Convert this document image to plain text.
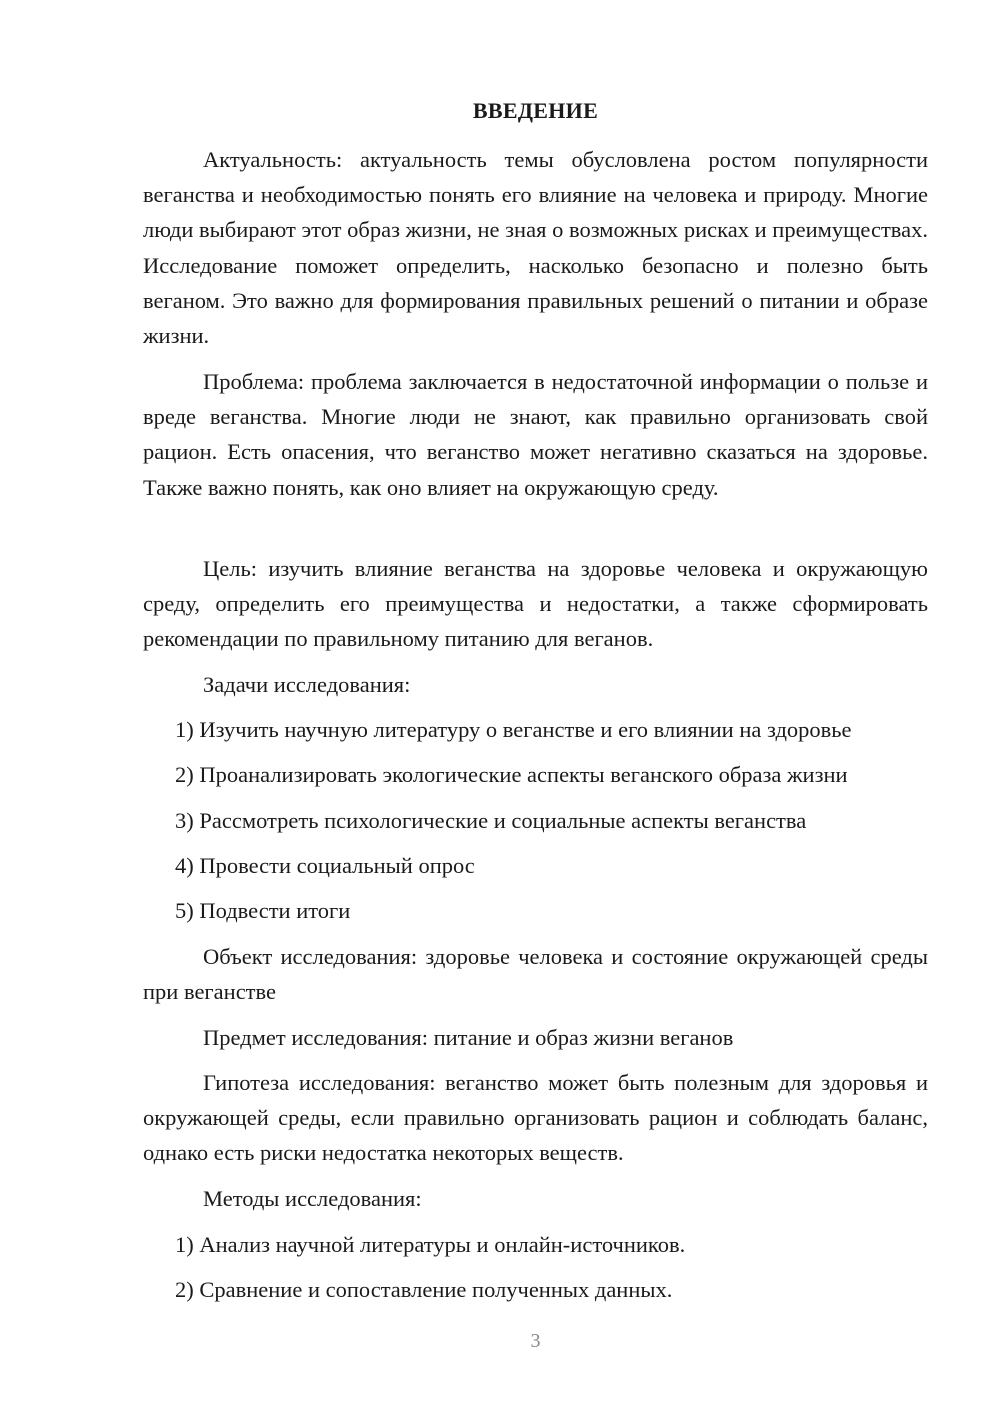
ВВЕДЕНИЕ

Актуальность: актуальность темы обусловлена ростом популярности веганства и необходимостью понять его влияние на человека и природу. Многие люди выбирают этот образ жизни, не зная о возможных рисках и преимуществах. Исследование поможет определить, насколько безопасно и полезно быть веганом. Это важно для формирования правильных решений о питании и образе жизни.

Проблема: проблема заключается в недостаточной информации о пользе и вреде веганства. Многие люди не знают, как правильно организовать свой рацион. Есть опасения, что веганство может негативно сказаться на здоровье. Также важно понять, как оно влияет на окружающую среду.

Цель: изучить влияние веганства на здоровье человека и окружающую среду, определить его преимущества и недостатки, а также сформировать рекомендации по правильному питанию для веганов.

Задачи исследования:

1) Изучить научную литературу о веганстве и его влиянии на здоровье

2) Проанализировать экологические аспекты веганского образа жизни

3) Рассмотреть психологические и социальные аспекты веганства

4) Провести социальный опрос

5) Подвести итоги

Объект исследования: здоровье человека и состояние окружающей среды при веганстве

Предмет исследования: питание и образ жизни веганов

Гипотеза исследования: веганство может быть полезным для здоровья и окружающей среды, если правильно организовать рацион и соблюдать баланс, однако есть риски недостатка некоторых веществ.

Методы исследования:

1) Анализ научной литературы и онлайн-источников.

2) Сравнение и сопоставление полученных данных.

3
